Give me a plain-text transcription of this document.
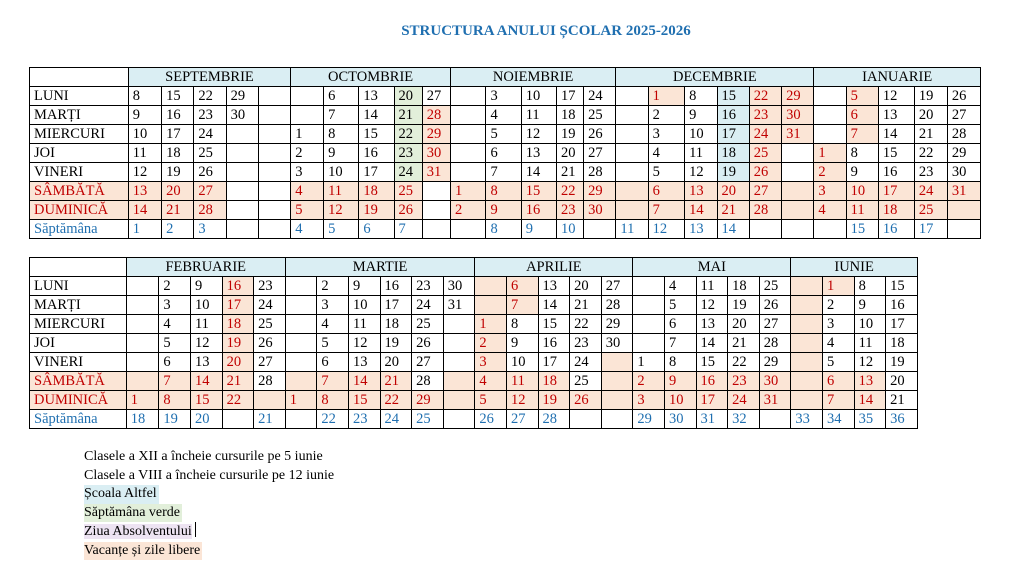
STRUCTURA ANULUI ȘCOLAR 2025-2026
	SEPTEMBRIE					OCTOMBRIE					NOIEMBRIE					DECEMBRIE						IANUARIE				
LUNI	8	15	22	29			6	13	20	27		3	10	17	24		1	8	15	22	29		5	12	19	26
MARȚI	9	16	23	30			7	14	21	28		4	11	18	25		2	9	16	23	30		6	13	20	27
MIERCURI	10	17	24			1	8	15	22	29		5	12	19	26		3	10	17	24	31		7	14	21	28
JOI	11	18	25			2	9	16	23	30		6	13	20	27		4	11	18	25		1	8	15	22	29
VINERI	12	19	26			3	10	17	24	31		7	14	21	28		5	12	19	26		2	9	16	23	30
SÂMBĂTĂ	13	20	27			4	11	18	25		1	8	15	22	29		6	13	20	27		3	10	17	24	31
DUMINICĂ	14	21	28			5	12	19	26		2	9	16	23	30		7	14	21	28		4	11	18	25	
Săptămâna	1	2	3			4	5	6	7			8	9	10		11	12	13	14				15	16	17	
	FEBRUARIE					MARTIE						APRILIE					MAI					IUNIE			
LUNI		2	9	16	23		2	9	16	23	30		6	13	20	27		4	11	18	25		1	8	15
MARȚI		3	10	17	24		3	10	17	24	31		7	14	21	28		5	12	19	26		2	9	16
MIERCURI		4	11	18	25		4	11	18	25		1	8	15	22	29		6	13	20	27		3	10	17
JOI		5	12	19	26		5	12	19	26		2	9	16	23	30		7	14	21	28		4	11	18
VINERI		6	13	20	27		6	13	20	27		3	10	17	24		1	8	15	22	29		5	12	19
SÂMBĂTĂ		7	14	21	28		7	14	21	28		4	11	18	25		2	9	16	23	30		6	13	20
DUMINICĂ	1	8	15	22		1	8	15	22	29		5	12	19	26		3	10	17	24	31		7	14	21
Săptămâna	18	19	20		21		22	23	24	25		26	27	28			29	30	31	32		33	34	35	36
Clasele a XII a încheie cursurile pe 5 iunie
Clasele a VIII a încheie cursurile pe 12 iunie
Școala Altfel
Săptămâna verde
Ziua Absolventului
Vacanțe și zile libere
